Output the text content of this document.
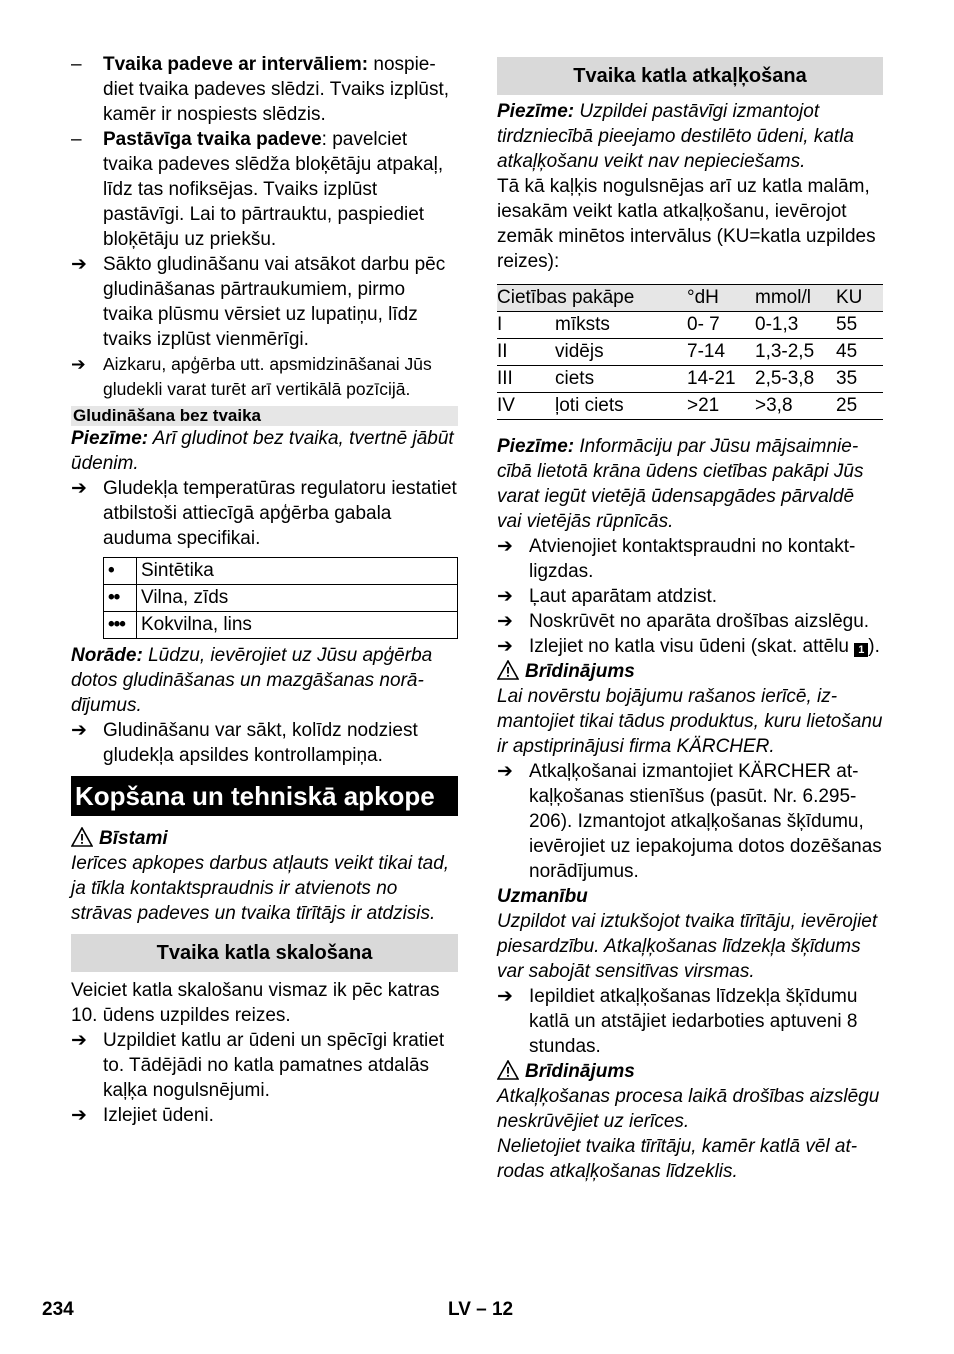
–	Tvaika padeve ar intervāliem: nospiediet tvaika padeves slēdzi. Tvaiks izplūst, kamēr ir nospiests slēdzis.

–	Pastāvīga tvaika padeve: pavelciet tvaika padeves slēdža bloķētāju atpakaļ, līdz tas nofiksējas. Tvaiks izplūst pastāvīgi. Lai to pārtrauktu, paspiediet bloķētāju uz priekšu.

➔ Sākto gludināšanu vai atsākot darbu pēc gludināšanas pārtraukumiem, pirmo tvaika plūsmu vērsiet uz lupatiņu, līdz tvaiks izplūst vienmērīgi.

➔ Aizkaru, apģērba utt. apsmidzināšanai Jūs gludekli varat turēt arī vertikālā pozīcijā.

Gludināšana bez tvaika

Piezīme: Arī gludinot bez tvaika, tvertnē jābūt ūdenim.

➔ Gludekļa temperatūras regulatoru iestatiet atbilstoši attiecīgā apģērba gabala auduma specifikai.

•	Sintētika
••	Vilna, zīds
•••	Kokvilna, lins

Norāde: Lūdzu, ievērojiet uz Jūsu apģērba dotos gludināšanas un mazgāšanas norādījumus.

➔ Gludināšanu var sākt, kolīdz nodziest gludekļa apsildes kontrollampiņa.

Kopšana un tehniskā apkope

Bīstami

Ierīces apkopes darbus atļauts veikt tikai tad, ja tīkla kontaktspraudnis ir atvienots no strāvas padeves un tvaika tīrītājs ir atdzisis.

Tvaika katla skalošana

Veiciet katla skalošanu vismaz ik pēc katras 10. ūdens uzpildes reizes.

➔ Uzpildiet katlu ar ūdeni un spēcīgi kratiet to. Tādējādi no katla pamatnes atdalās kaļķa nogulsnējumi.

➔ Izlejiet ūdeni.

Tvaika katla atkaļķošana

Piezīme: Uzpildei pastāvīgi izmantojot tirdzniecībā pieejamo destilēto ūdeni, katla atkaļķošanu veikt nav nepieciešams.

Tā kā kaļķis nogulsnējas arī uz katla malām, iesakām veikt katla atkaļķošanu, ievērojot zemāk minētos intervālus (KU=katla uzpildes reizes):

Cietības pakāpe		°dH	mmol/l	KU
I	mīksts	0- 7	0-1,3	55
II	vidējs	7-14	1,3-2,5	45
III	ciets	14-21	2,5-3,8	35
IV	ļoti ciets	>21	>3,8	25

Piezīme: Informāciju par Jūsu mājsaimniecībā lietotā krāna ūdens cietības pakāpi Jūs varat iegūt vietējā ūdensapgādes pārvaldē vai vietējās rūpnīcās.

➔ Atvienojiet kontaktspraudni no kontaktligzdas.

➔ Ļaut aparātam atdzist.

➔ Noskrūvēt no aparāta drošības aizslēgu.

➔ Izlejiet no katla visu ūdeni (skat. attēlu 1 ).

Brīdinājums

Lai novērstu bojājumu rašanos ierīcē, izmantojiet tikai tādus produktus, kuru lietošanu ir apstiprinājusi firma KÄRCHER.

➔ Atkaļķošanai izmantojiet KÄRCHER atkaļķošanas stienīšus (pasūt. Nr. 6.295-206). Izmantojot atkaļķošanas šķīdumu, ievērojiet uz iepakojuma dotos dozēšanas norādījumus.

Uzmanību

Uzpildot vai iztukšojot tvaika tīrītāju, ievērojiet piesardzību. Atkaļķošanas līdzekļa šķīdums var sabojāt sensitīvas virsmas.

➔ Iepildiet atkaļķošanas līdzekļa šķīdumu katlā un atstājiet iedarboties aptuveni 8 stundas.

Brīdinājums

Atkaļķošanas procesa laikā drošības aizslēgu neskrūvējiet uz ierīces.

Nelietojiet tvaika tīrītāju, kamēr katlā vēl atrodas atkaļķošanas līdzeklis.

234	LV – 12
